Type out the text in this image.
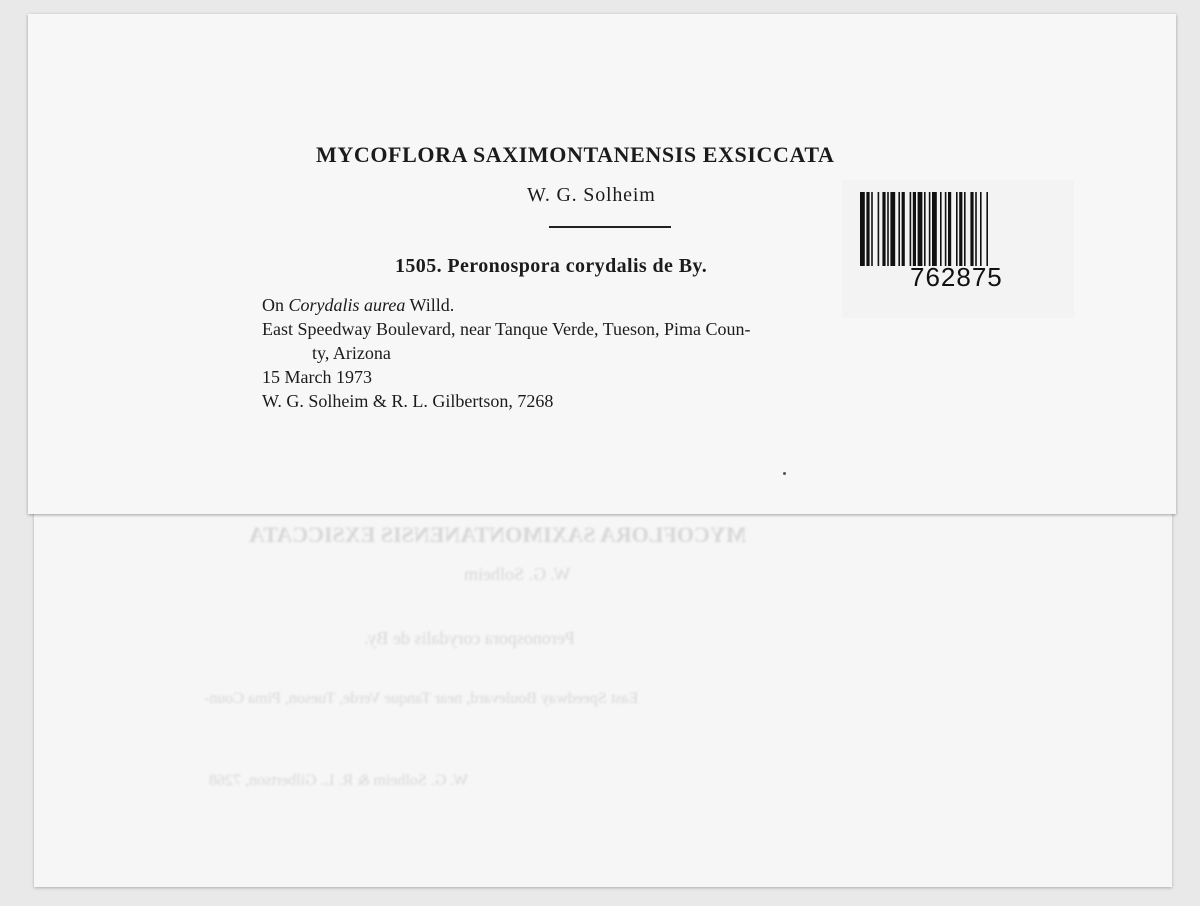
MYCOFLORA SAXIMONTANENSIS EXSICCATA
W. G. Solheim
Peronospora corydalis de By.
East Speedway Boulevard, near Tanque Verde, Tueson, Pima Coun-
W. G. Solheim & R. L. Gilbertson, 7268
MYCOFLORA SAXIMONTANENSIS EXSICCATA
W. G. Solheim
1505. Peronospora corydalis de By.
On Corydalis aurea Willd.
East Speedway Boulevard, near Tanque Verde, Tueson, Pima Coun-
ty, Arizona
15 March 1973
W. G. Solheim & R. L. Gilbertson, 7268
762875
